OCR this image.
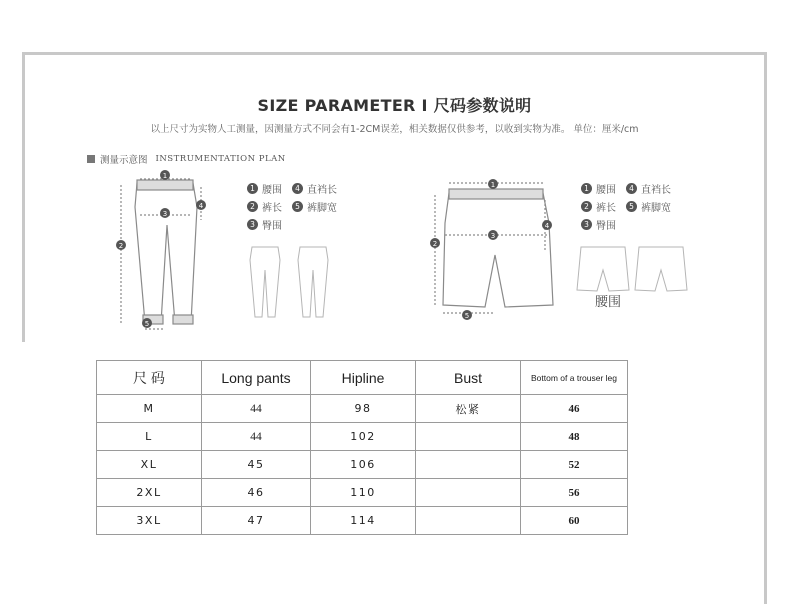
SIZE PARAMETER I 尺码参数说明
以上尺寸为实物人工测量，因测量方式不同会有1-2CM误差，相关数据仅供参考，以收到实物为准。 单位：厘米/cm
测量示意图 INSTRUMENTATION PLAN
1
2
3
4
5
1
2
3
4
5
1 腰围	4 直裆长
2 裤长	5 裤脚宽
3 臀围
1 腰围	4 直裆长
2 裤长	5 裤脚宽
3 臀围
腰围
尺 码	Long pants	Hipline	Bust	Bottom of a trouser leg
M	44	98	松紧	46
L	44	102		48
XL	45	106		52
2XL	46	110		56
3XL	47	114		60
